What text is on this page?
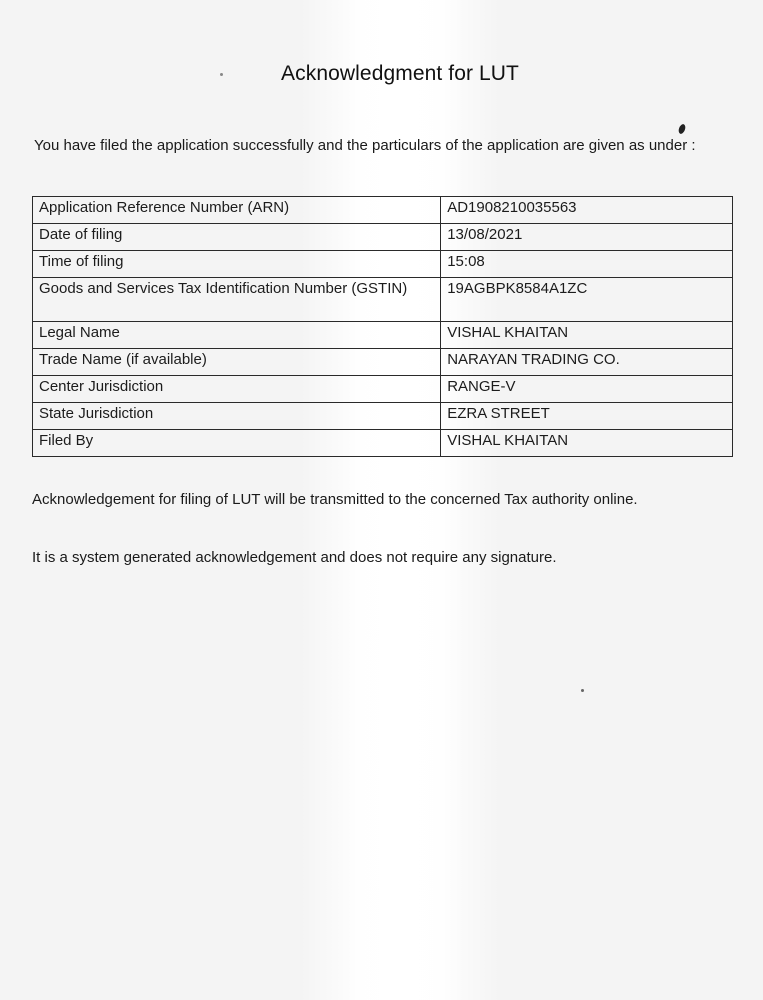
Acknowledgment for LUT
You have filed the application successfully and the particulars of the application are given as under :
Application Reference Number (ARN)	AD1908210035563
Date of filing	13/08/2021
Time of filing	15:08
Goods and Services Tax Identification Number (GSTIN)	19AGBPK8584A1ZC
Legal Name	VISHAL KHAITAN
Trade Name (if available)	NARAYAN TRADING CO.
Center Jurisdiction	RANGE-V
State Jurisdiction	EZRA STREET
Filed By	VISHAL KHAITAN
Acknowledgement for filing of LUT will be transmitted to the concerned Tax authority online.
It is a system generated acknowledgement and does not require any signature.
